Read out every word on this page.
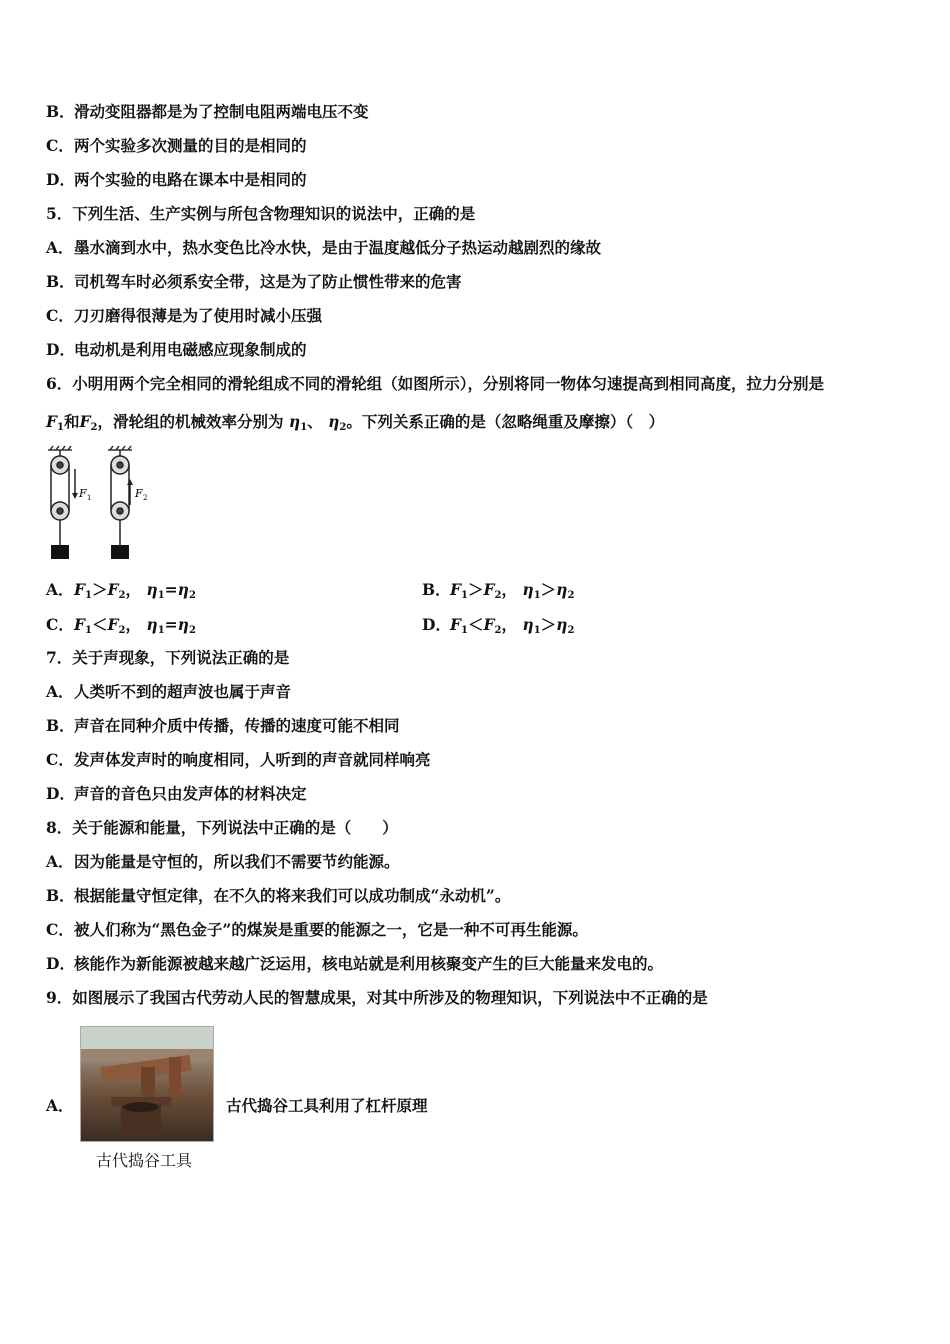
B．滑动变阻器都是为了控制电阻两端电压不变
C．两个实验多次测量的目的是相同的
D．两个实验的电路在课本中是相同的
5．下列生活、生产实例与所包含物理知识的说法中，正确的是
A．墨水滴到水中，热水变色比冷水快，是由于温度越低分子热运动越剧烈的缘故
B．司机驾车时必须系安全带，这是为了防止惯性带来的危害
C．刀刃磨得很薄是为了使用时减小压强
D．电动机是利用电磁感应现象制成的
6．小明用两个完全相同的滑轮组成不同的滑轮组（如图所示），分别将同一物体匀速提高到相同高度，拉力分别是
$F_1$和$F_2$，滑轮组的机械效率分别为 $\eta_1$、 $\eta_2$。下列关系正确的是（忽略绳重及摩擦）（　）
F 1	F 2
A．$F_1>F_2$， $\eta_1=\eta_2$	B．$F_1>F_2$， $\eta_1>\eta_2$
C．$F_1<F_2$， $\eta_1=\eta_2$	D．$F_1<F_2$， $\eta_1>\eta_2$
7．关于声现象，下列说法正确的是
A．人类听不到的超声波也属于声音
B．声音在同种介质中传播，传播的速度可能不相同
C．发声体发声时的响度相同，人听到的声音就同样响亮
D．声音的音色只由发声体的材料决定
8．关于能源和能量，下列说法中正确的是（　　）
A．因为能量是守恒的，所以我们不需要节约能源。
B．根据能量守恒定律，在不久的将来我们可以成功制成“永动机”。
C．被人们称为“黑色金子”的煤炭是重要的能源之一，它是一种不可再生能源。
D．核能作为新能源被越来越广泛运用，核电站就是利用核聚变产生的巨大能量来发电的。
9．如图展示了我国古代劳动人民的智慧成果，对其中所涉及的物理知识，下列说法中不正确的是
A．	古代捣谷工具利用了杠杆原理
古代捣谷工具
